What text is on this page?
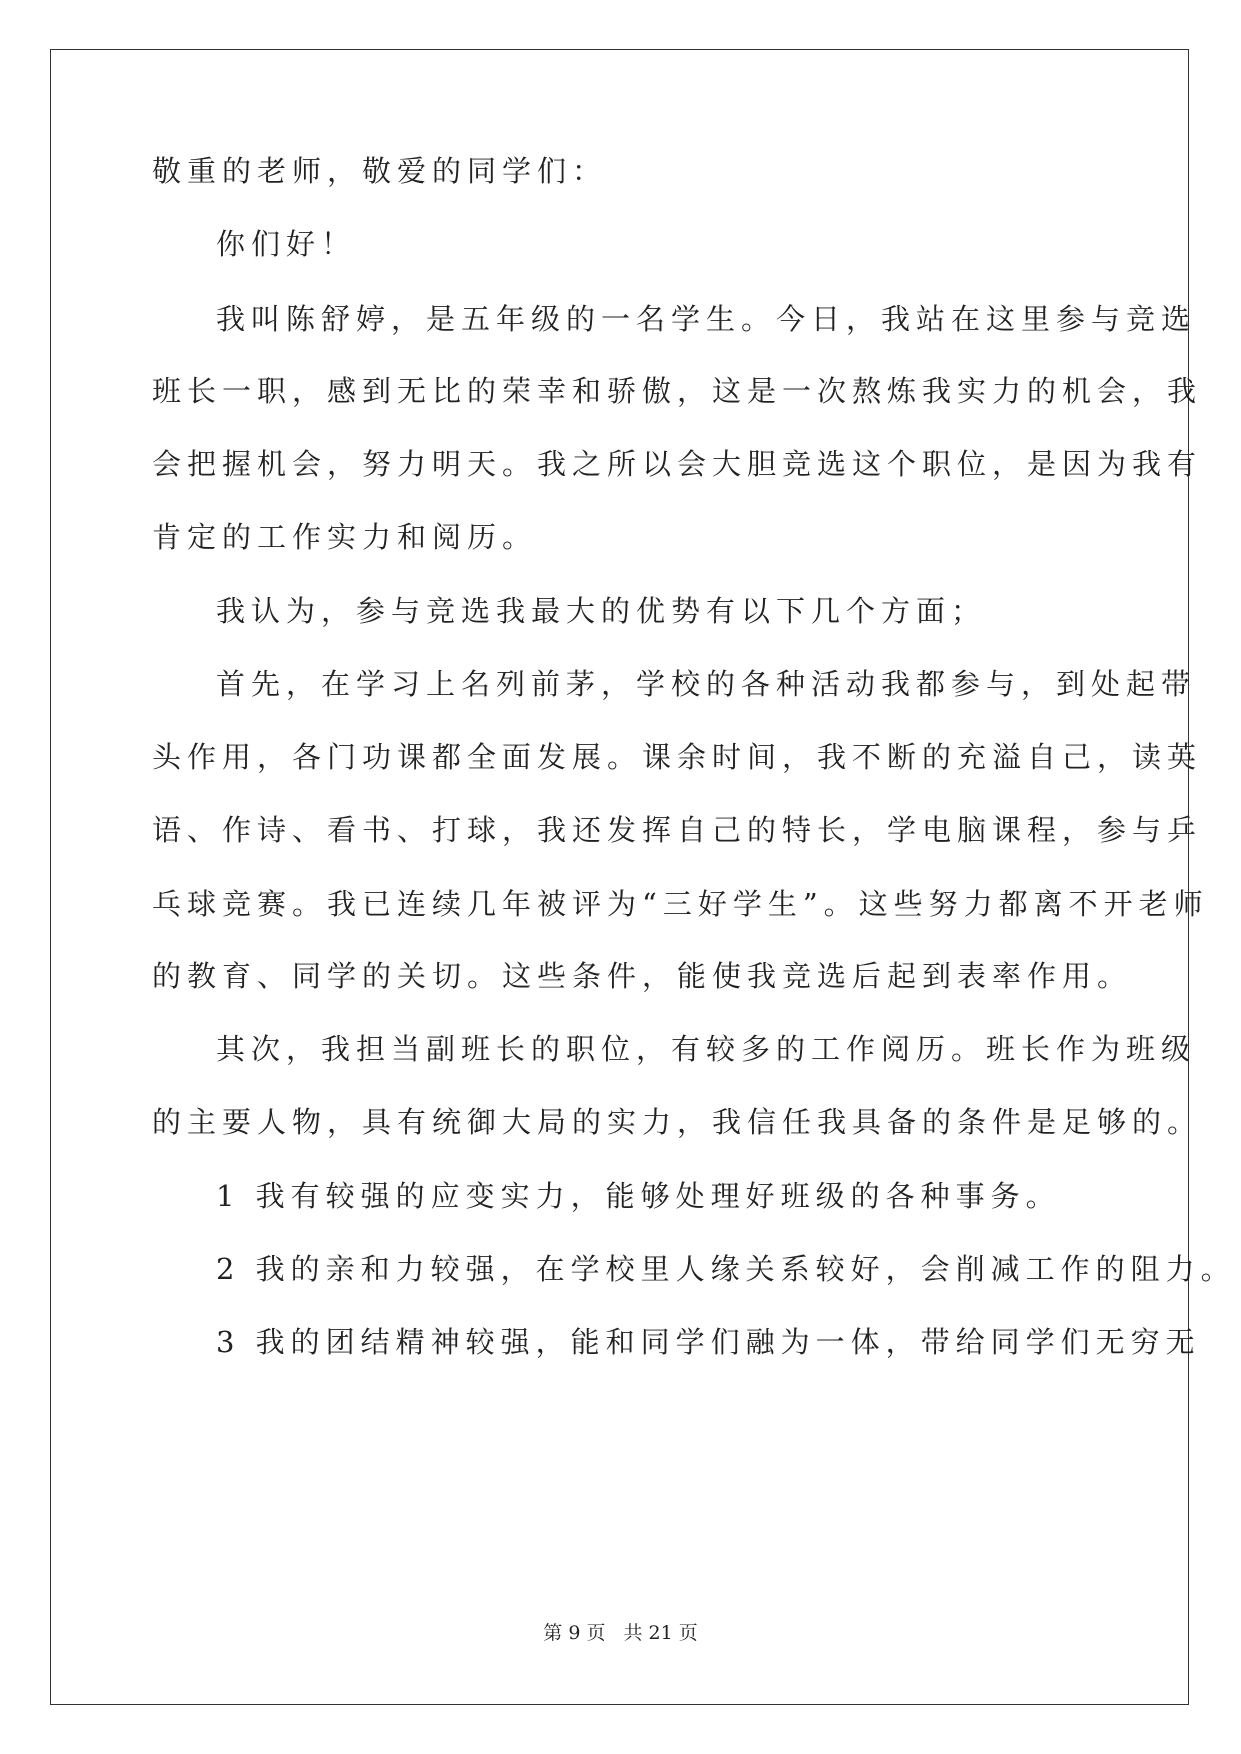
敬重的老师，敬爱的同学们：
你们好！
我叫陈舒婷，是五年级的一名学生。今日，我站在这里参与竞选
班长一职，感到无比的荣幸和骄傲，这是一次熬炼我实力的机会，我
会把握机会，努力明天。我之所以会大胆竞选这个职位，是因为我有
肯定的工作实力和阅历。
我认为，参与竞选我最大的优势有以下几个方面；
首先，在学习上名列前茅，学校的各种活动我都参与，到处起带
头作用，各门功课都全面发展。课余时间，我不断的充溢自己，读英
语、作诗、看书、打球，我还发挥自己的特长，学电脑课程，参与乒
乓球竞赛。我已连续几年被评为“三好学生”。这些努力都离不开老师
的教育、同学的关切。这些条件，能使我竞选后起到表率作用。
其次，我担当副班长的职位，有较多的工作阅历。班长作为班级
的主要人物，具有统御大局的实力，我信任我具备的条件是足够的。
1 我有较强的应变实力，能够处理好班级的各种事务。
2 我的亲和力较强，在学校里人缘关系较好，会削减工作的阻力。
3 我的团结精神较强，能和同学们融为一体，带给同学们无穷无
第 9 页 共 21 页
